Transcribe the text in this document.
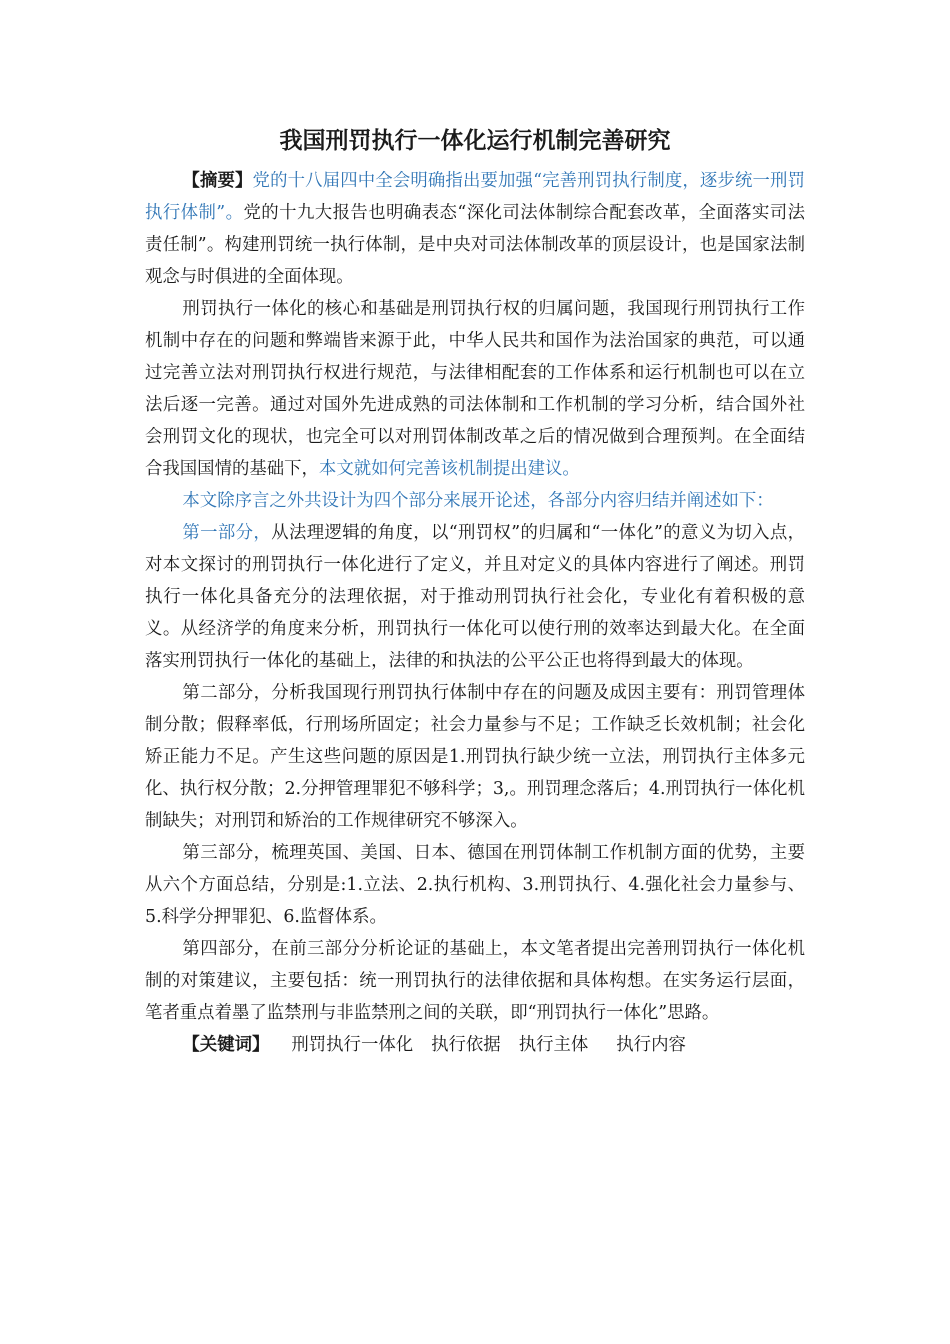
我国刑罚执行一体化运行机制完善研究

【摘要】党的十八届四中全会明确指出要加强“完善刑罚执行制度，逐步统一刑罚执行体制”。党的十九大报告也明确表态“深化司法体制综合配套改革，全面落实司法责任制”。构建刑罚统一执行体制，是中央对司法体制改革的顶层设计，也是国家法制观念与时俱进的全面体现。

刑罚执行一体化的核心和基础是刑罚执行权的归属问题，我国现行刑罚执行工作机制中存在的问题和弊端皆来源于此，中华人民共和国作为法治国家的典范，可以通过完善立法对刑罚执行权进行规范，与法律相配套的工作体系和运行机制也可以在立法后逐一完善。通过对国外先进成熟的司法体制和工作机制的学习分析，结合国外社会刑罚文化的现状，也完全可以对刑罚体制改革之后的情况做到合理预判。在全面结合我国国情的基础下，本文就如何完善该机制提出建议。

本文除序言之外共设计为四个部分来展开论述，各部分内容归结并阐述如下：

第一部分，从法理逻辑的角度，以“刑罚权”的归属和“一体化”的意义为切入点，对本文探讨的刑罚执行一体化进行了定义，并且对定义的具体内容进行了阐述。刑罚执行一体化具备充分的法理依据，对于推动刑罚执行社会化，专业化有着积极的意义。从经济学的角度来分析，刑罚执行一体化可以使行刑的效率达到最大化。在全面落实刑罚执行一体化的基础上，法律的和执法的公平公正也将得到最大的体现。

第二部分，分析我国现行刑罚执行体制中存在的问题及成因主要有：刑罚管理体制分散；假释率低，行刑场所固定；社会力量参与不足；工作缺乏长效机制；社会化矫正能力不足。产生这些问题的原因是1.刑罚执行缺少统一立法，刑罚执行主体多元化、执行权分散；2.分押管理罪犯不够科学；3,。刑罚理念落后；4.刑罚执行一体化机制缺失；对刑罚和矫治的工作规律研究不够深入。

第三部分，梳理英国、美国、日本、德国在刑罚体制工作机制方面的优势，主要从六个方面总结，分别是:1.立法、2.执行机构、3.刑罚执行、4.强化社会力量参与、5.科学分押罪犯、6.监督体系。

第四部分，在前三部分分析论证的基础上，本文笔者提出完善刑罚执行一体化机制的对策建议，主要包括：统一刑罚执行的法律依据和具体构想。在实务运行层面，笔者重点着墨了监禁刑与非监禁刑之间的关联，即“刑罚执行一体化”思路。

【关键词】 刑罚执行一体化 执行依据 执行主体 执行内容
